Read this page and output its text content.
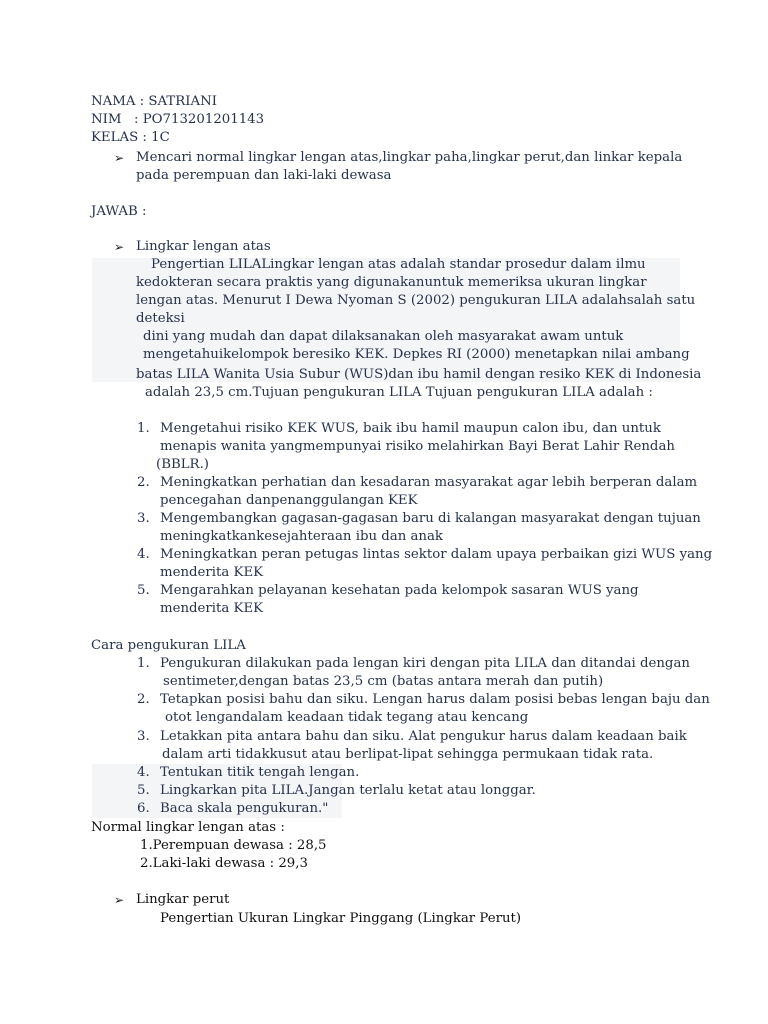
NAMA : SATRIANI
NIM : PO713201201143
KELAS : 1C
➢ Mencari normal lingkar lengan atas,lingkar paha,lingkar perut,dan linkar kepala
pada perempuan dan laki-laki dewasa
JAWAB :
➢ Lingkar lengan atas
Pengertian LILALingkar lengan atas adalah standar prosedur dalam ilmu
kedokteran secara praktis yang digunakanuntuk memeriksa ukuran lingkar
lengan atas. Menurut I Dewa Nyoman S (2002) pengukuran LILA adalahsalah satu
deteksi
dini yang mudah dan dapat dilaksanakan oleh masyarakat awam untuk
mengetahuikelompok beresiko KEK. Depkes RI (2000) menetapkan nilai ambang
batas LILA Wanita Usia Subur (WUS)dan ibu hamil dengan resiko KEK di Indonesia
adalah 23,5 cm.Tujuan pengukuran LILA Tujuan pengukuran LILA adalah :
1. Mengetahui risiko KEK WUS, baik ibu hamil maupun calon ibu, dan untuk
menapis wanita yangmempunyai risiko melahirkan Bayi Berat Lahir Rendah
(BBLR.)
2. Meningkatkan perhatian dan kesadaran masyarakat agar lebih berperan dalam
pencegahan danpenanggulangan KEK
3. Mengembangkan gagasan-gagasan baru di kalangan masyarakat dengan tujuan
meningkatkankesejahteraan ibu dan anak
4. Meningkatkan peran petugas lintas sektor dalam upaya perbaikan gizi WUS yang
menderita KEK
5. Mengarahkan pelayanan kesehatan pada kelompok sasaran WUS yang
menderita KEK
Cara pengukuran LILA
1. Pengukuran dilakukan pada lengan kiri dengan pita LILA dan ditandai dengan
sentimeter,dengan batas 23,5 cm (batas antara merah dan putih)
2. Tetapkan posisi bahu dan siku. Lengan harus dalam posisi bebas lengan baju dan
otot lengandalam keadaan tidak tegang atau kencang
3. Letakkan pita antara bahu dan siku. Alat pengukur harus dalam keadaan baik
dalam arti tidakkusut atau berlipat-lipat sehingga permukaan tidak rata.
4. Tentukan titik tengah lengan.
5. Lingkarkan pita LILA.Jangan terlalu ketat atau longgar.
6. Baca skala pengukuran."
Normal lingkar lengan atas :
1.Perempuan dewasa : 28,5
2.Laki-laki dewasa : 29,3
➢ Lingkar perut
Pengertian Ukuran Lingkar Pinggang (Lingkar Perut)
